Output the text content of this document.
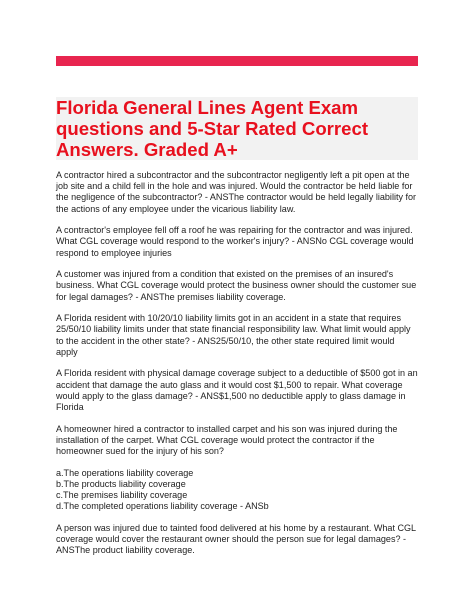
Florida General Lines Agent Exam questions and 5-Star Rated Correct Answers. Graded A+

A contractor hired a subcontractor and the subcontractor negligently left a pit open at the job site and a child fell in the hole and was injured. Would the contractor be held liable for the negligence of the subcontractor? - ANSThe contractor would be held legally liability for the actions of any employee under the vicarious liability law.

A contractor's employee fell off a roof he was repairing for the contractor and was injured. What CGL coverage would respond to the worker's injury? - ANSNo CGL coverage would respond to employee injuries

A customer was injured from a condition that existed on the premises of an insured's business. What CGL coverage would protect the business owner should the customer sue for legal damages? - ANSThe premises liability coverage.

A Florida resident with 10/20/10 liability limits got in an accident in a state that requires 25/50/10 liability limits under that state financial responsibility law. What limit would apply to the accident in the other state? - ANS25/50/10, the other state required limit would apply

A Florida resident with physical damage coverage subject to a deductible of $500 got in an accident that damage the auto glass and it would cost $1,500 to repair. What coverage would apply to the glass damage? - ANS$1,500 no deductible apply to glass damage in Florida

A homeowner hired a contractor to installed carpet and his son was injured during the installation of the carpet. What CGL coverage would protect the contractor if the homeowner sued for the injury of his son?

a.The operations liability coverage
b.The products liability coverage
c.The premises liability coverage
d.The completed operations liability coverage - ANSb

A person was injured due to tainted food delivered at his home by a restaurant. What CGL coverage would cover the restaurant owner should the person sue for legal damages? - ANSThe product liability coverage.
